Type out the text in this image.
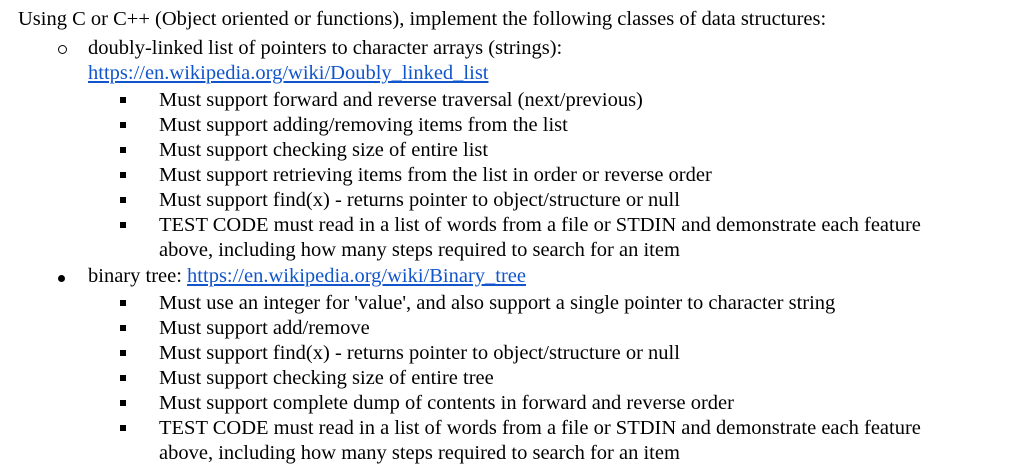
Using C or C++ (Object oriented or functions), implement the following classes of data structures:
doubly-linked list of pointers to character arrays (strings):
https://en.wikipedia.org/wiki/Doubly_linked_list
Must support forward and reverse traversal (next/previous)
Must support adding/removing items from the list
Must support checking size of entire list
Must support retrieving items from the list in order or reverse order
Must support find(x) - returns pointer to object/structure or null
TEST CODE must read in a list of words from a file or STDIN and demonstrate each feature
above, including how many steps required to search for an item
binary tree: https://en.wikipedia.org/wiki/Binary_tree
Must use an integer for 'value', and also support a single pointer to character string
Must support add/remove
Must support find(x) - returns pointer to object/structure or null
Must support checking size of entire tree
Must support complete dump of contents in forward and reverse order
TEST CODE must read in a list of words from a file or STDIN and demonstrate each feature
above, including how many steps required to search for an item
